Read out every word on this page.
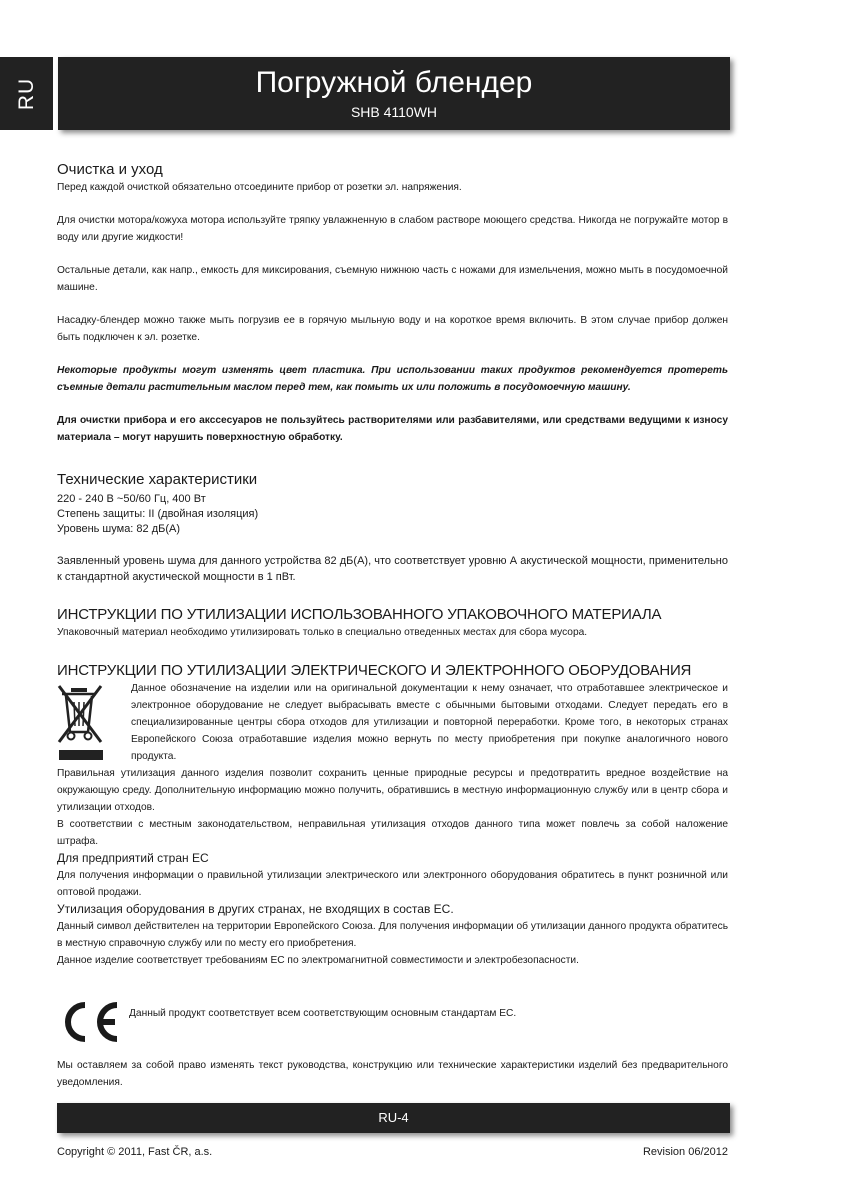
RU	Погружной блендер
SHB 4110WH
Очистка и уход

Перед каждой очисткой обязательно отсоедините прибор от розетки эл. напряжения.

Для очистки мотора/кожуха мотора используйте тряпку увлажненную в слабом растворе моющего средства. Никогда не погружайте мотор в воду или другие жидкости!

Остальные детали, как напр., емкость для миксирования, съемную нижнюю часть с ножами для измельчения, можно мыть в посудомоечной машине.

Насадку-блендер можно также мыть погрузив ее в горячую мыльную воду и на короткое время включить. В этом случае прибор должен быть подключен к эл. розетке.

Некоторые продукты могут изменять цвет пластика. При использовании таких продуктов рекомендуется протереть съемные детали растительным маслом перед тем, как помыть их или положить в посудомоечную машину.

Для очистки прибора и его акссесуаров не пользуйтесь растворителями или разбавителями, или средствами ведущими к износу материала – могут нарушить поверхностную обработку.

Технические характеристики

220 - 240 В ~50/60 Гц, 400 Вт

Степень защиты: II (двойная изоляция)

Уровень шума: 82 дБ(A)

Заявленный уровень шума для данного устройства 82 дБ(A), что соответствует уровню А акустической мощности, применительно к стандартной акустической мощности в 1 пВт.

ИНСТРУКЦИИ ПО УТИЛИЗАЦИИ ИСПОЛЬЗОВАННОГО УПАКОВОЧНОГО МАТЕРИАЛА

Упаковочный материал необходимо утилизировать только в специально отведенных местах для сбора мусора.

ИНСТРУКЦИИ ПО УТИЛИЗАЦИИ ЭЛЕКТРИЧЕСКОГО И ЭЛЕКТРОННОГО ОБОРУДОВАНИЯ

Данное обозначение на изделии или на оригинальной документации к нему означает, что отработавшее электрическое и электронное оборудование не следует выбрасывать вместе с обычными бытовыми отходами. Следует передать его в специализированные центры сбора отходов для утилизации и повторной переработки. Кроме того, в некоторых странах Европейского Союза отработавшие изделия можно вернуть по месту приобретения при покупке аналогичного нового продукта.

Правильная утилизация данного изделия позволит сохранить ценные природные ресурсы и предотвратить вредное воздействие на окружающую среду. Дополнительную информацию можно получить, обратившись в местную информационную службу или в центр сбора и утилизации отходов.

В соответствии с местным законодательством, неправильная утилизация отходов данного типа может повлечь за собой наложение штрафа.

Для предприятий стран ЕС

Для получения информации о правильной утилизации электрического или электронного оборудования обратитесь в пункт розничной или оптовой продажи.

Утилизация оборудования в других странах, не входящих в состав ЕС.

Данный символ действителен на территории Европейского Союза. Для получения информации об утилизации данного продукта обратитесь в местную справочную службу или по месту его приобретения.

Данное изделие соответствует требованиям ЕС по электромагнитной совместимости и электробезопасности.

Данный продукт соответствует всем соответствующим основным стандартам ЕС.

Мы оставляем за собой право изменять текст руководства, конструкцию или технические характеристики изделий без предварительного уведомления.

RU-4
Copyright © 2011, Fast ČR, a.s.	Revision 06/2012
